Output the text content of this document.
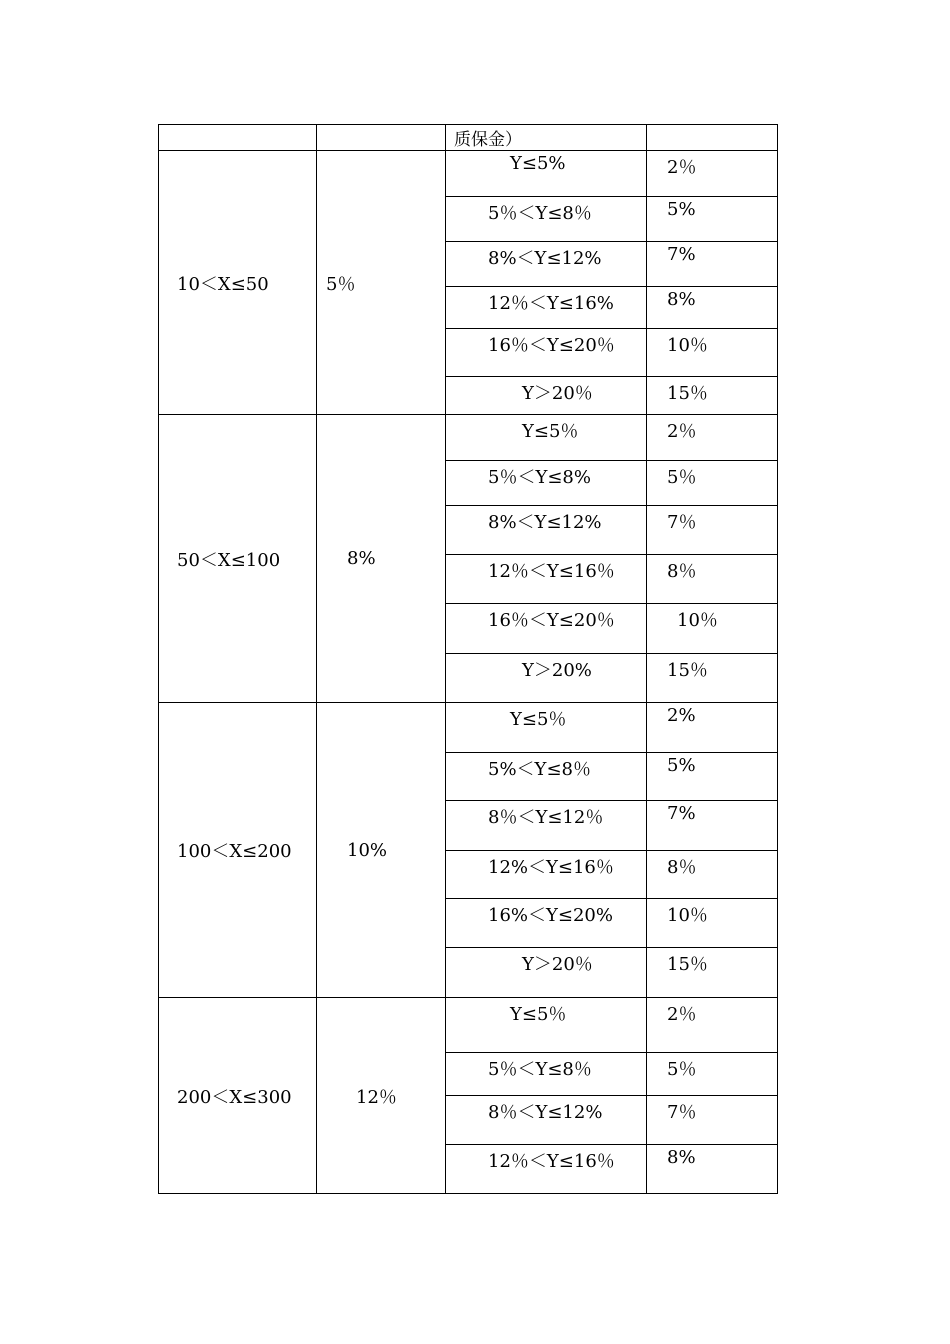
		质保金）	
10＜X≤50	5％	Y≤5%	2％
		5％＜Y≤8％	5%
		8%＜Y≤12%	7%
		12％＜Y≤16%	8%
		16％＜Y≤20％	10％
		Y＞20％	15％
50＜X≤100	8%	Y≤5％	2％
		5％＜Y≤8%	5％
		8%＜Y≤12%	7％
		12％＜Y≤16％	8％
		16％＜Y≤20％	10％
		Y＞20%	15％
100＜X≤200	10%	Y≤5％	2%
		5%＜Y≤8％	5%
		8％＜Y≤12％	7%
		12%＜Y≤16％	8％
		16%＜Y≤20%	10％
		Y＞20％	15％
200＜X≤300	12％	Y≤5％	2％
		5％＜Y≤8％	5％
		8％＜Y≤12%	7％
		12％＜Y≤16％	8%
